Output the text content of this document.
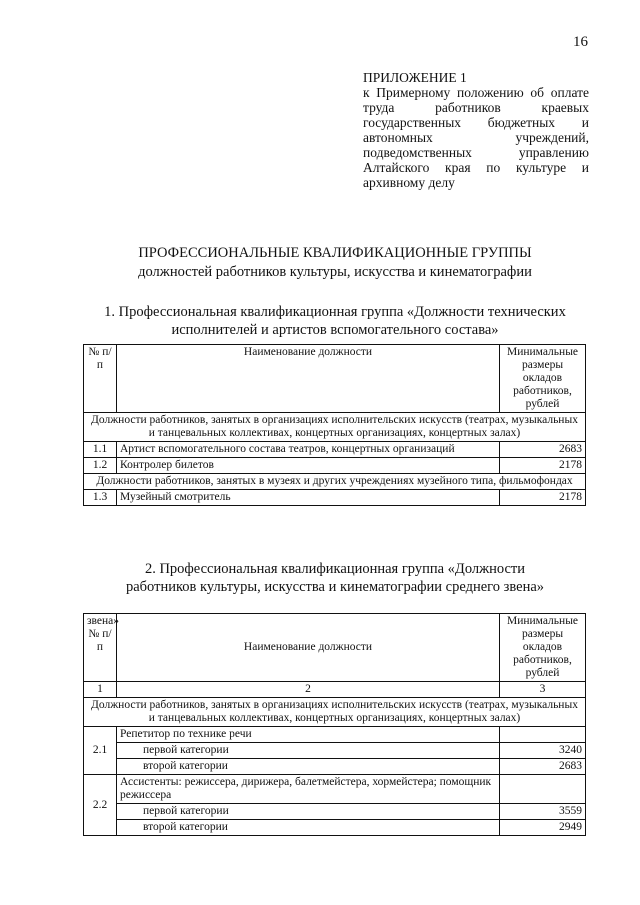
16
ПРИЛОЖЕНИЕ 1
к Примерному положению об оплате труда работников краевых государственных бюджетных и автономных учреждений, подведомственных управлению Алтайского края по культуре и архивному делу
ПРОФЕССИОНАЛЬНЫЕ КВАЛИФИКАЦИОННЫЕ ГРУППЫ
должностей работников культуры, искусства и кинематографии
1. Профессиональная квалификационная группа «Должности технических исполнителей и артистов вспомогательного состава»
№ п/п	Наименование должности	Минимальные размеры окладов работников, рублей
Должности работников, занятых в организациях исполнительских искусств (театрах, музыкальных и танцевальных коллективах, концертных организациях, концертных залах)		
1.1	Артист вспомогательного состава театров, концертных организаций	2683
1.2	Контролер билетов	2178
Должности работников, занятых в музеях и других учреждениях музейного типа, фильмофондах		
1.3	Музейный смотритель	2178
2. Профессиональная квалификационная группа «Должности работников культуры, искусства и кинематографии среднего звена»
звена» № п/п	Наименование должности	Минимальные размеры окладов работников, рублей
1	2	3
Должности работников, занятых в организациях исполнительских искусств (театрах, музыкальных и танцевальных коллективах, концертных организациях, концертных залах)		
2.1	Репетитор по технике речи	
	первой категории	3240
	второй категории	2683
2.2	Ассистенты: режиссера, дирижера, балетмейстера, хормейстера; помощник режиссера	
	первой категории	3559
	второй категории	2949
